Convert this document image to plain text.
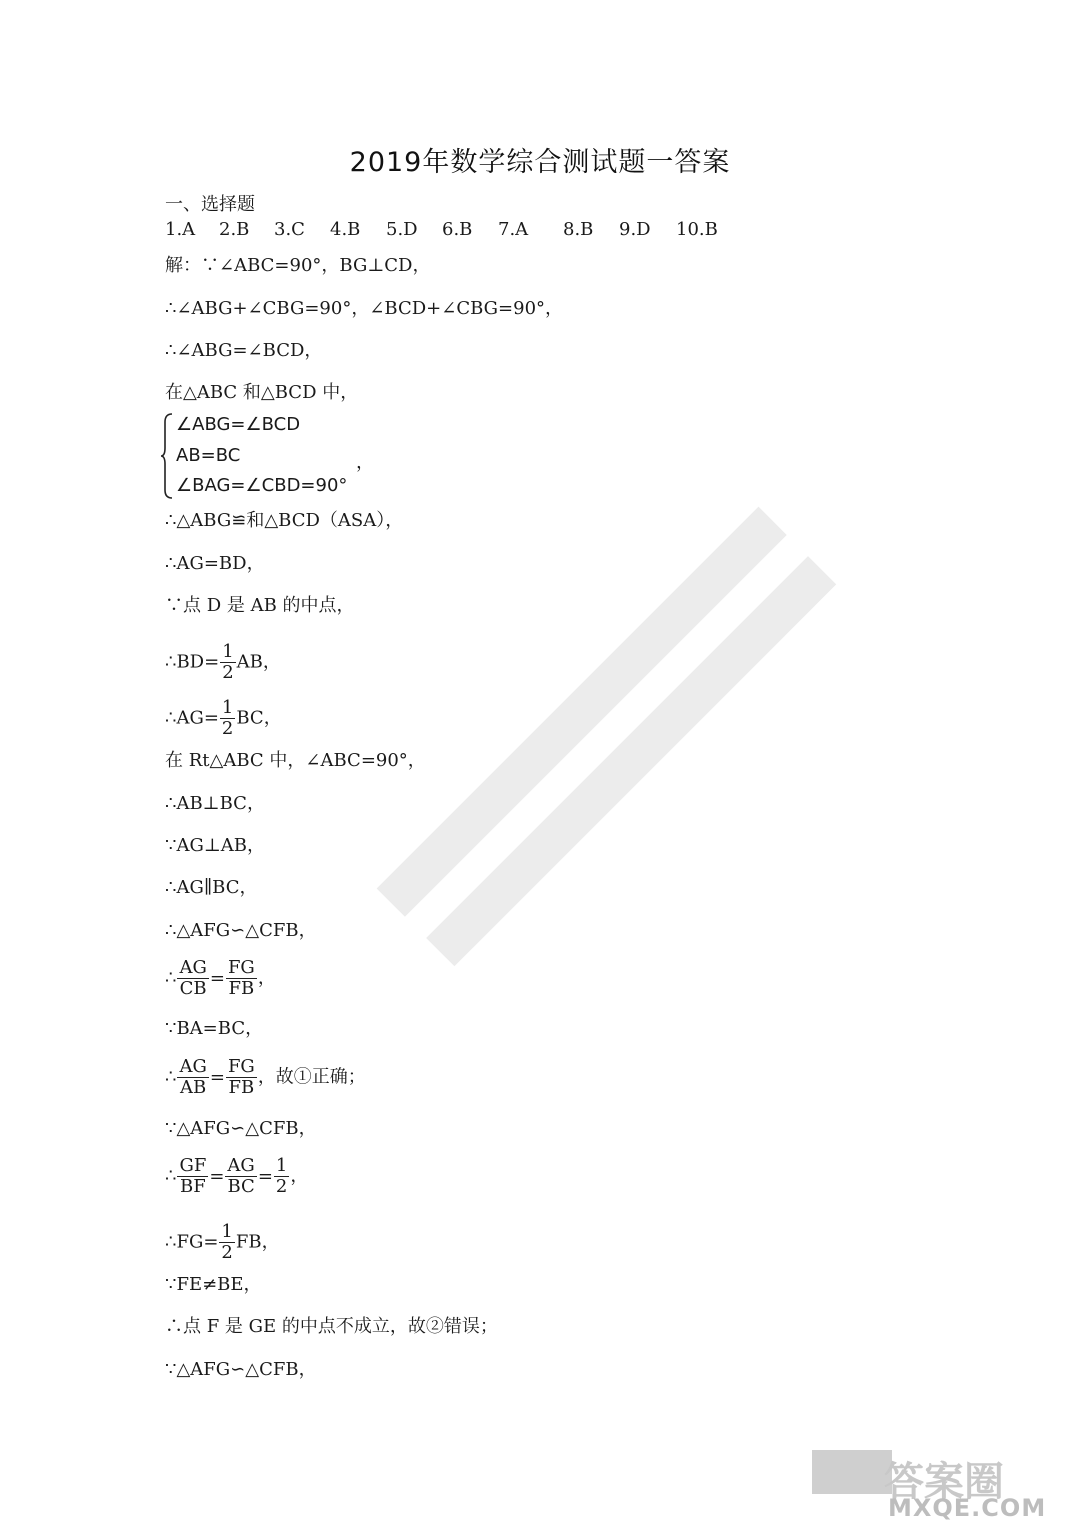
2019年数学综合测试题一答案
一、选择题
1.A 2.B 3.C 4.B 5.D 6.B 7.A 8.B 9.D 10.B
解：∵∠ABC=90°，BG⊥CD，
∴∠ABG+∠CBG=90°，∠BCD+∠CBG=90°，
∴∠ABG=∠BCD，
在△ABC 和△BCD 中，
∠ABG=∠BCD
AB=BC
∠BAG=∠CBD=90°
，
∴△ABG≌和△BCD（ASA），
∴AG=BD，
∵点 D 是 AB 的中点，
∴BD= $\frac{1}{2}$ AB，
∴AG= $\frac{1}{2}$ BC，
在 Rt△ABC 中，∠ABC=90°，
∴AB⊥BC，
∵AG⊥AB，
∴AG∥BC，
∴△AFG∽△CFB，
∴ $\frac{AG}{CB} = \frac{FG}{FB}$ ，
∵BA=BC，
∴ $\frac{AG}{AB} = \frac{FG}{FB}$ ，故①正确；
∵△AFG∽△CFB，
∴ $\frac{GF}{BF} = \frac{AG}{BC} = \frac{1}{2}$ ，
∴FG= $\frac{1}{2}$ FB，
∵FE≠BE，
∴点 F 是 GE 的中点不成立，故②错误；
∵△AFG∽△CFB，
答案圈
MXQE.COM
